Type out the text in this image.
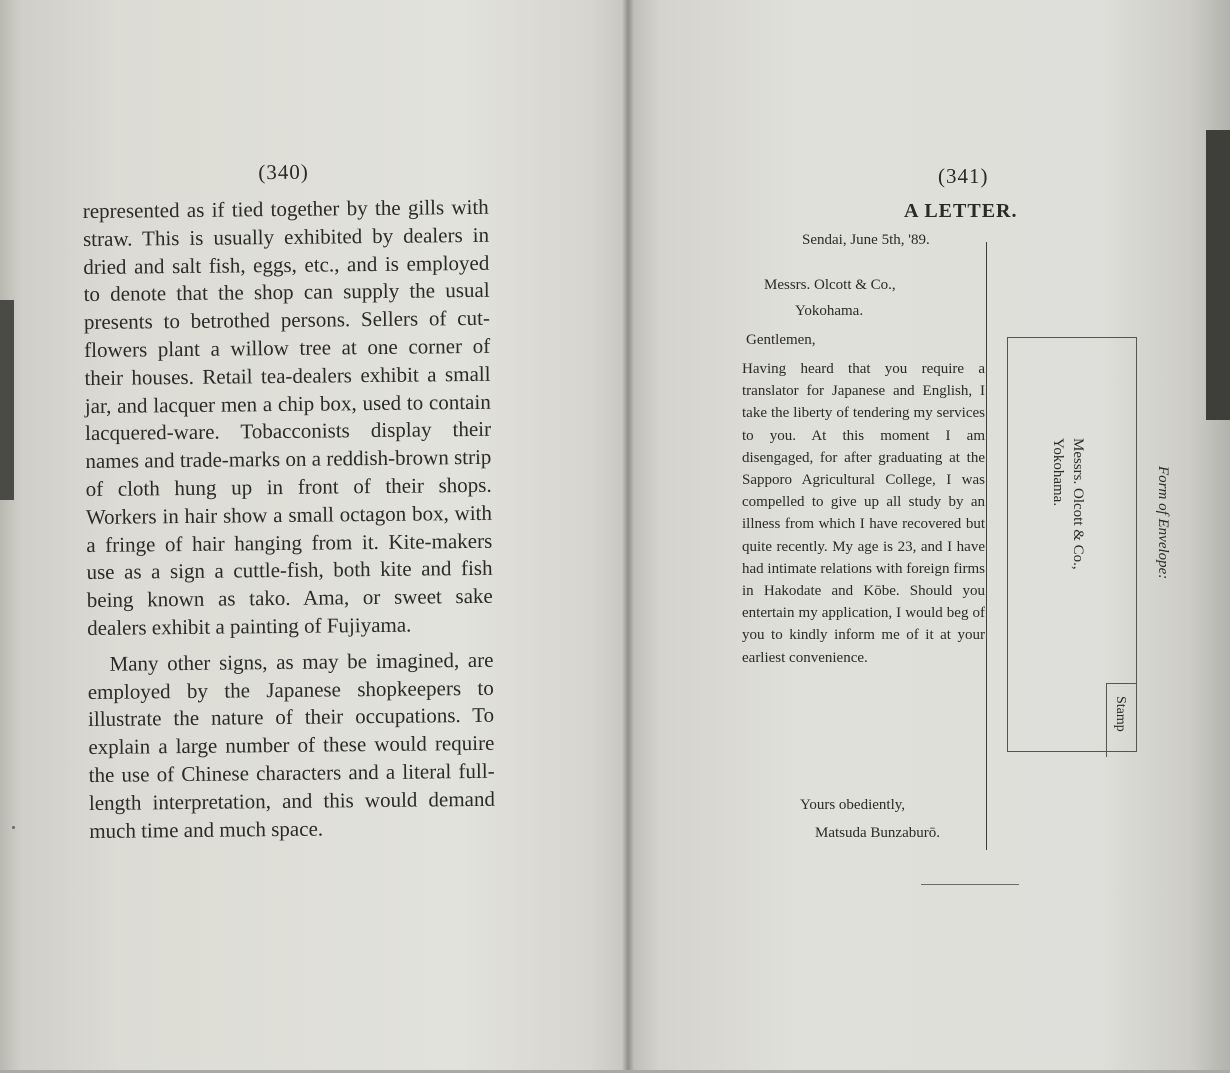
(340)

represented as if tied together by the gills with straw. This is usually exhibited by dealers in dried and salt fish, eggs, etc., and is employed to denote that the shop can supply the usual presents to betrothed persons. Sellers of cut-flowers plant a willow tree at one corner of their houses. Retail tea-dealers exhibit a small jar, and lacquer men a chip box, used to contain lacquered-ware. Tobacconists display their names and trade-marks on a reddish-brown strip of cloth hung up in front of their shops. Workers in hair show a small octagon box, with a fringe of hair hanging from it. Kite-makers use as a sign a cuttle-fish, both kite and fish being known as tako. Ama, or sweet sake dealers exhibit a painting of Fujiyama.

Many other signs, as may be imagined, are employed by the Japanese shopkeepers to illustrate the nature of their occupations. To explain a large number of these would require the use of Chinese characters and a literal full-length interpretation, and this would demand much time and much space.

(341)
A LETTER.
Sendai, June 5th, '89.
Messrs. Olcott & Co.,
Yokohama.
Gentlemen,
Having heard that you require a translator for Japanese and English, I take the liberty of tendering my services to you. At this moment I am disengaged, for after graduating at the Sapporo Agricultural College, I was compelled to give up all study by an illness from which I have recovered but quite recently. My age is 23, and I have had intimate relations with foreign firms in Hakodate and Kōbe. Should you entertain my application, I would beg of you to kindly inform me of it at your earliest convenience.
Yours obediently,
Matsuda Bunzaburō.
Messrs. Olcott & Co.,
Yokohama.
Stamp
Form of Envelope:
